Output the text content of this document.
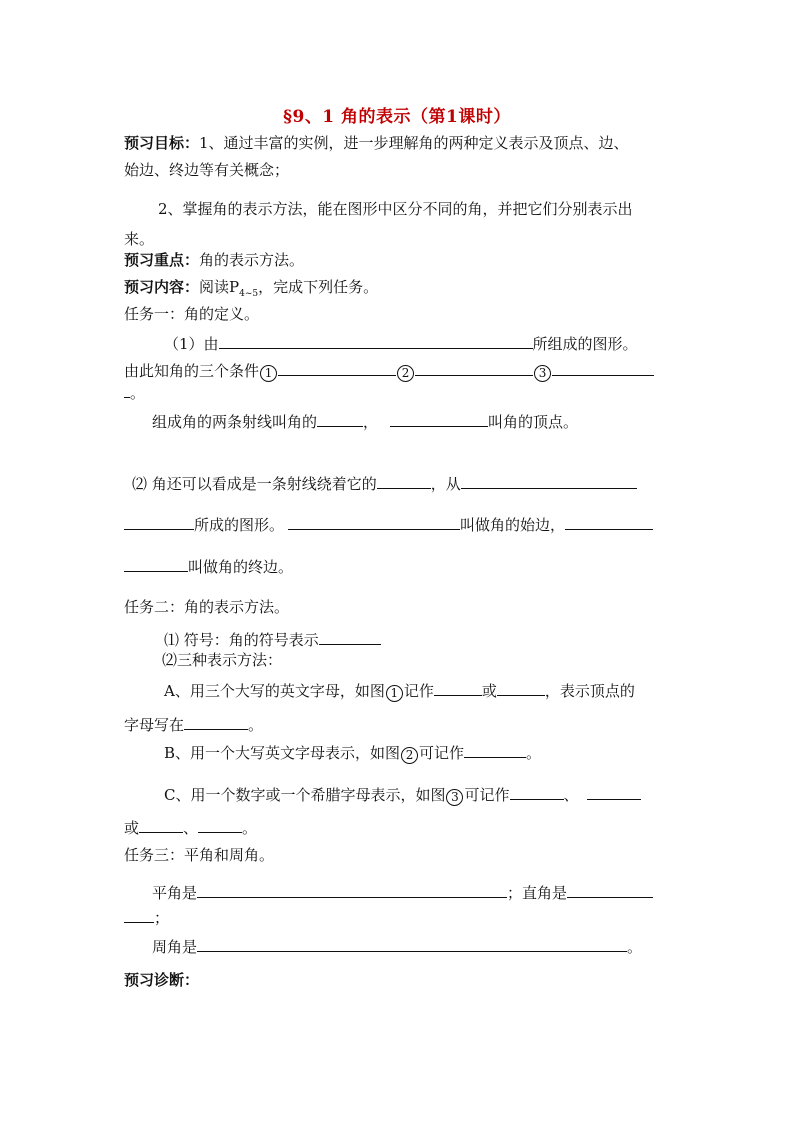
§9、1 角的表示（第1课时）
预习目标：1、通过丰富的实例，进一步理解角的两种定义表示及顶点、边、
始边、终边等有关概念；
2、掌握角的表示方法，能在图形中区分不同的角，并把它们分别表示出
来。
预习重点：角的表示方法。
预习内容：阅读$P_{4\sim 5}$，完成下列任务。
任务一：角的定义。
（1）由	所组成的图形。
由此知角的三个条件 1	2	3
。
组成角的两条射线叫角的	，	叫角的顶点。
⑵ 角还可以看成是一条射线绕着它的	，从
所成的图形。	叫做角的始边，
叫做角的终边。
任务二：角的表示方法。
⑴ 符号：角的符号表示
⑵三种表示方法：
A、用三个大写的英文字母，如图 1 记作	或	，表示顶点的
字母写在	。
B、用一个大写英文字母表示，如图 2 可记作	。
C、用一个数字或一个希腊字母表示，如图 3 可记作	、
或	、	。
任务三：平角和周角。
平角是	；直角是
；
周角是	。
预习诊断：
